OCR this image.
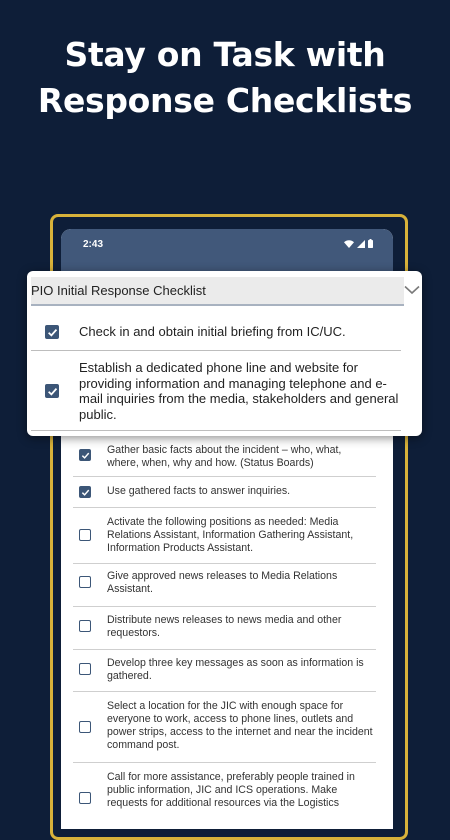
Stay on Task with
Response Checklists
2:43
Gather basic facts about the incident – who, what, where, when, why and how. (Status Boards)
Use gathered facts to answer inquiries.
Activate the following positions as needed: Media Relations Assistant, Information Gathering Assistant, Information Products Assistant.
Give approved news releases to Media Relations Assistant.
Distribute news releases to news media and other requestors.
Develop three key messages as soon as information is gathered.
Select a location for the JIC with enough space for everyone to work, access to phone lines, outlets and power strips, access to the internet and near the incident command post.
Call for more assistance, preferably people trained in public information, JIC and ICS operations. Make requests for additional resources via the Logistics
PIO Initial Response Checklist
Check in and obtain initial briefing from IC/UC.
Establish a dedicated phone line and website for providing information and managing telephone and e-mail inquiries from the media, stakeholders and general public.
